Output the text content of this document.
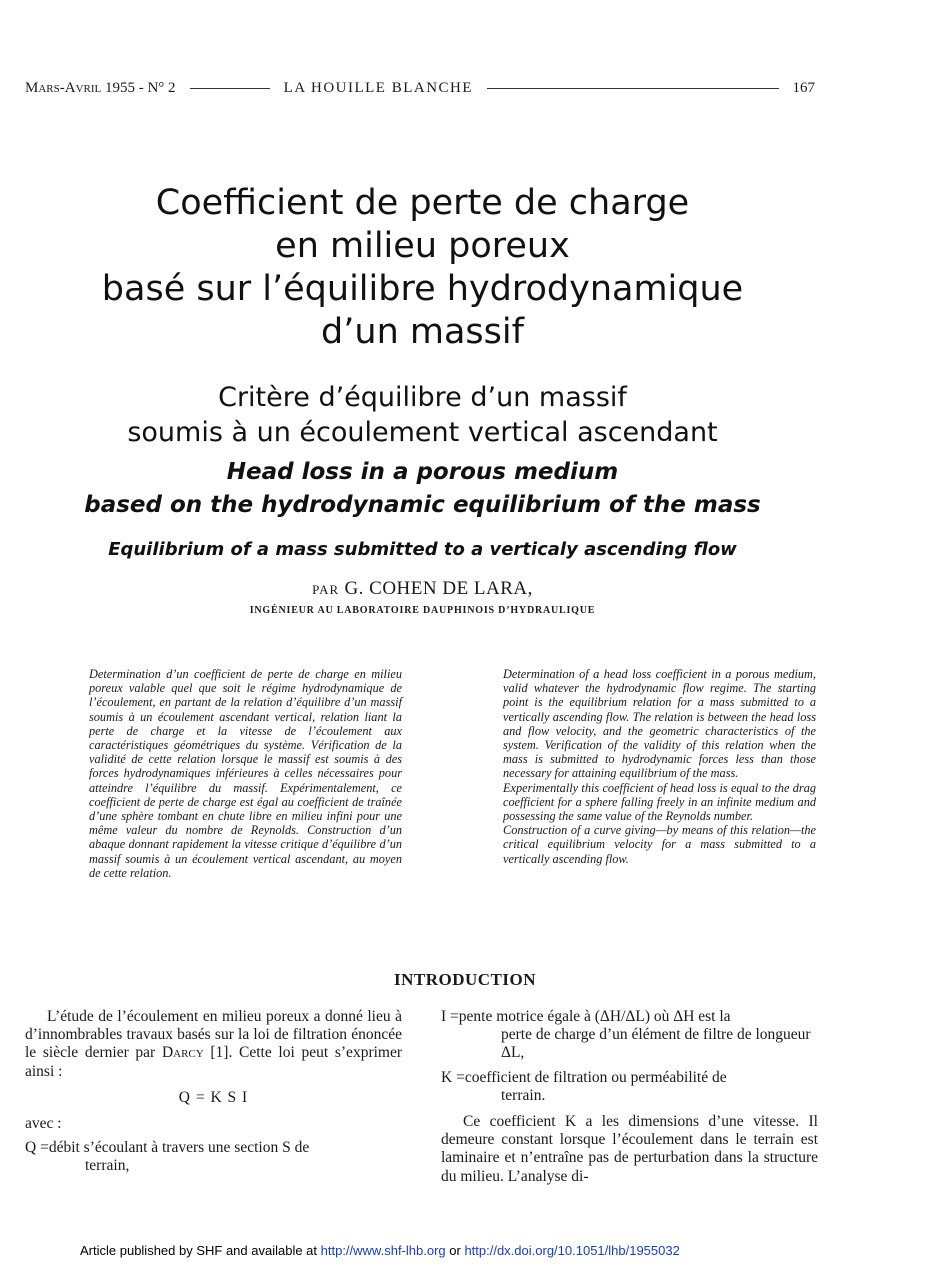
Mars-Avril 1955 - N° 2	LA HOUILLE BLANCHE	167
Coefficient de perte de charge
en milieu poreux
basé sur l’équilibre hydrodynamique
d’un massif
Critère d’équilibre d’un massif
soumis à un écoulement vertical ascendant
Head loss in a porous medium
based on the hydrodynamic equilibrium of the mass
Equilibrium of a mass submitted to a verticaly ascending flow
PAR G. COHEN DE LARA,
INGÉNIEUR AU LABORATOIRE DAUPHINOIS D’HYDRAULIQUE

Determination d’un coefficient de perte de charge en milieu poreux valable quel que soit le régime hydrodynamique de l’écoulement, en partant de la relation d’équilibre d’un massif soumis à un écoulement ascendant vertical, relation liant la perte de charge et la vitesse de l’écoulement aux caractéristiques géométriques du système. Vérification de la validité de cette relation lorsque le massif est soumis à des forces hydrodynamiques inférieures à celles nécessaires pour atteindre l’équilibre du massif. Expérimentalement, ce coefficient de perte de charge est égal au coefficient de traînée d’une sphère tombant en chute libre en milieu infini pour une même valeur du nombre de Reynolds. Construction d’un abaque donnant rapidement la vitesse critique d’équilibre d’un massif soumis à un écoulement vertical ascendant, au moyen de cette relation.

Determination of a head loss coefficient in a porous medium, valid whatever the hydrodynamic flow regime. The starting point is the equilibrium relation for a mass submitted to a vertically ascending flow. The relation is between the head loss and flow velocity, and the geometric characteristics of the system. Verification of the validity of this relation when the mass is submitted to hydrodynamic forces less than those necessary for attaining equilibrium of the mass.

Experimentally this coefficient of head loss is equal to the drag coefficient for a sphere falling freely in an infinite medium and possessing the same value of the Reynolds number.

Construction of a curve giving—by means of this relation—the critical equilibrium velocity for a mass submitted to a vertically ascending flow.

INTRODUCTION

L’étude de l’écoulement en milieu poreux a donné lieu à d’innombrables travaux basés sur la loi de filtration énoncée le siècle dernier par Darcy [1]. Cette loi peut s’exprimer ainsi :

Q = K S I

avec :

Q = débit s’écoulant à travers une section S de

terrain,

I = pente motrice égale à (ΔH/ΔL) où ΔH est la

perte de charge d’un élément de filtre de longueur ΔL,

K = coefficient de filtration ou perméabilité de

terrain.

Ce coefficient K a les dimensions d’une vitesse. Il demeure constant lorsque l’écoulement dans le terrain est laminaire et n’entraîne pas de perturbation dans la structure du milieu. L’analyse di-

Article published by SHF and available at http://www.shf-lhb.org or http://dx.doi.org/10.1051/lhb/1955032
